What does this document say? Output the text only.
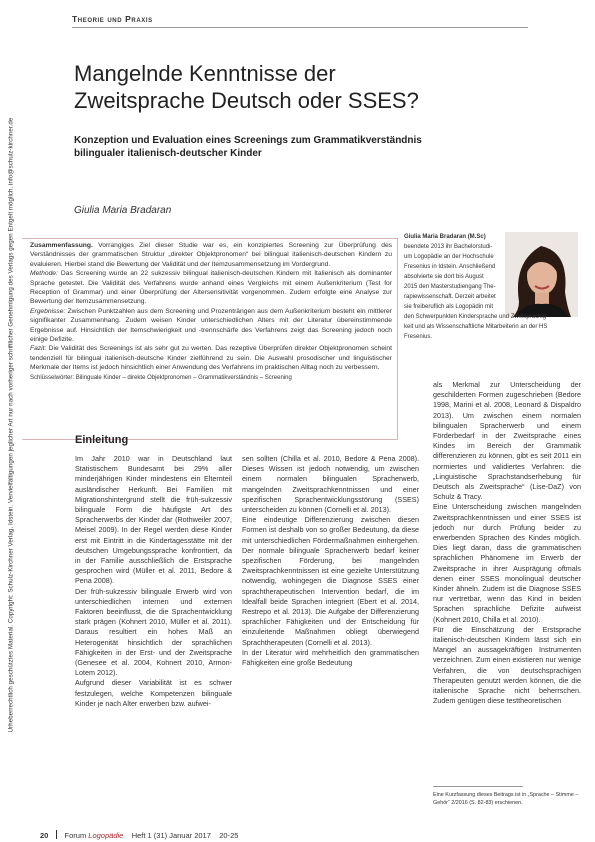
Urheberrechtlich geschütztes Material. Copyright: Schulz-Kirchner Verlag, Idstein. Vervielfältigungen jeglicher Art nur nach vorheriger schriftlicher Genehmigung des Verlags gegen Entgelt möglich. info@schulz-kirchner.de
Theorie und Praxis
Mangelnde Kenntnisse der
Zweitsprache Deutsch oder SSES?
Konzeption und Evaluation eines Screenings zum Grammatikverständnis
bilingualer italienisch-deutscher Kinder
Giulia Maria Bradaran

Zusammenfassung. Vorrangiges Ziel dieser Studie war es, ein konzipiertes Screening zur Überprüfung des Verständnisses der grammatischen Struktur „direkter Objektpronomen“ bei bilingual italienisch-deutschen Kindern zu evaluieren. Hierbei stand die Bewertung der Validität und der Itemzusammensetzung im Vordergrund.

Methode: Das Screening wurde an 22 sukzessiv bilingual italienisch-deutschen Kindern mit Italienisch als dominanter Sprache getestet. Die Validität des Verfahrens wurde anhand eines Vergleichs mit einem Außenkriterium (Test for Reception of Grammar) und einer Überprüfung der Altersensitivität vorgenommen. Zudem erfolgte eine Analyse zur Bewertung der Itemzusammensetzung.

Ergebnisse: Zwischen Punktzahlen aus dem Screening und Prozenträngen aus dem Außenkriterium besteht ein mittlerer signifikanter Zusammenhang. Zudem weisen Kinder unterschiedlichen Alters mit der Literatur übereinstimmende Ergebnisse auf. Hinsichtlich der Itemschwierigkeit und -trennschärfe des Verfahrens zeigt das Screening jedoch noch einige Defizite.

Fazit: Die Validität des Screenings ist als sehr gut zu werten. Das rezeptive Überprüfen direkter Objektpronomen scheint tendenziell für bilingual italienisch-deutsche Kinder zielführend zu sein. Die Auswahl prosodischer und linguistischer Merkmale der Items ist jedoch hinsichtlich einer Anwendung des Verfahrens im praktischen Alltag noch zu verbessern.

Schlüsselwörter: Bilinguale Kinder – direkte Objektpronomen – Grammatikverständnis – Screening

Giulia Maria Bradaran (M.Sc)
beendete 2013 ihr Bachelorstudi-
um Logopädie an der Hochschule
Fresenius in Idstein. Anschließend
absolvierte sie dort bis August
2015 den Masterstudiengang The-
rapiewissenschaft. Derzeit arbeitet
sie freiberuflich als Logopädin mit
den Schwerpunkten Kindersprache und Zweisprachig-
keit und als Wissenschaftliche Mitarbeiterin an der HS
Fresenius.
Einleitung

Im Jahr 2010 war in Deutschland laut Statistischem Bundesamt bei 29% aller minderjährigen Kinder mindestens ein Elternteil ausländischer Herkunft. Bei Familien mit Migrationshintergrund stellt die früh-sukzessiv bilinguale Form die häufigste Art des Spracherwerbs der Kinder dar (Rothweiler 2007, Meisel 2009). In der Regel werden diese Kinder erst mit Eintritt in die Kindertagesstätte mit der deutschen Umgebungssprache konfrontiert, da in der Familie ausschließlich die Erstsprache gesprochen wird (Müller et al. 2011, Bedore & Pena 2008).

Der früh-sukzessiv bilinguale Erwerb wird von unterschiedlichen internen und externen Faktoren beeinflusst, die die Sprachentwicklung stark prägen (Kohnert 2010, Müller et al. 2011). Daraus resultiert ein hohes Maß an Heterogenität hinsichtlich der sprachlichen Fähigkeiten in der Erst- und der Zweitsprache (Genesee et al. 2004, Kohnert 2010, Armon-Lotem 2012).

Aufgrund dieser Variabilität ist es schwer festzulegen, welche Kompetenzen bilinguale Kinder je nach Alter erwerben bzw. aufwei-

sen sollten (Chilla et al. 2010, Bedore & Pena 2008). Dieses Wissen ist jedoch notwendig, um zwischen einem normalen bilingualen Spracherwerb, mangelnden Zweitsprachkenntnissen und einer spezifischen Sprachentwicklungsstörung (SSES) unterscheiden zu können (Cornelli et al. 2013).

Eine eindeutige Differenzierung zwischen diesen Formen ist deshalb von so großer Bedeutung, da diese mit unterschiedlichen Fördermaßnahmen einhergehen. Der normale bilinguale Spracherwerb bedarf keiner spezifischen Förderung, bei mangelnden Zweitsprachkenntnissen ist eine gezielte Unterstützung notwendig, wohingegen die Diagnose SSES einer sprachtherapeutischen Intervention bedarf, die im Idealfall beide Sprachen integriert (Ebert et al. 2014, Restrepo et al. 2013). Die Aufgabe der Differenzierung sprachlicher Fähigkeiten und der Entscheidung für einzuleitende Maßnahmen obliegt überwiegend Sprachtherapeuten (Cornelli et al. 2013).

In der Literatur wird mehrheitlich den grammatischen Fähigkeiten eine große Bedeutung

als Merkmal zur Unterscheidung der geschilderten Formen zugeschrieben (Bedore 1998, Marini et al. 2008, Leonard & Dispaldro 2013). Um zwischen einem normalen bilingualen Spracherwerb und einem Förderbedarf in der Zweitsprache eines Kindes im Bereich der Grammatik differenzieren zu können, gibt es seit 2011 ein normiertes und validiertes Verfahren: die „Linguistische Sprachstandserhebung für Deutsch als Zweitsprache“ (Lise-DaZ) von Schulz & Tracy.

Eine Unterscheidung zwischen mangelnden Zweitsprachkenntnissen und einer SSES ist jedoch nur durch Prüfung beider zu erwerbenden Sprachen des Kindes möglich. Dies liegt daran, dass die grammatischen sprachlichen Phänomene im Erwerb der Zweitsprache in ihrer Ausprägung oftmals denen einer SSES monolingual deutscher Kinder ähneln. Zudem ist die Diagnose SSES nur vertretbar, wenn das Kind in beiden Sprachen sprachliche Defizite aufweist (Kohnert 2010, Chilla et al. 2010).

Für die Einschätzung der Erstsprache italienisch-deutschen Kindern lässt sich ein Mangel an aussagekräftigen Instrumenten verzeichnen. Zum einen existieren nur wenige Verfahren, die von deutschsprachigen Therapeuten genutzt werden können, die die italienische Sprache nicht beherrschen. Zudem genügen diese testtheoretischen

Eine Kurzfassung dieses Beitrags ist in „Sprache – Stimme – Gehör“ 2/2016 (S. 82-83) erschienen.
20 Forum Logopädie Heft 1 (31) Januar 2017 20-25
